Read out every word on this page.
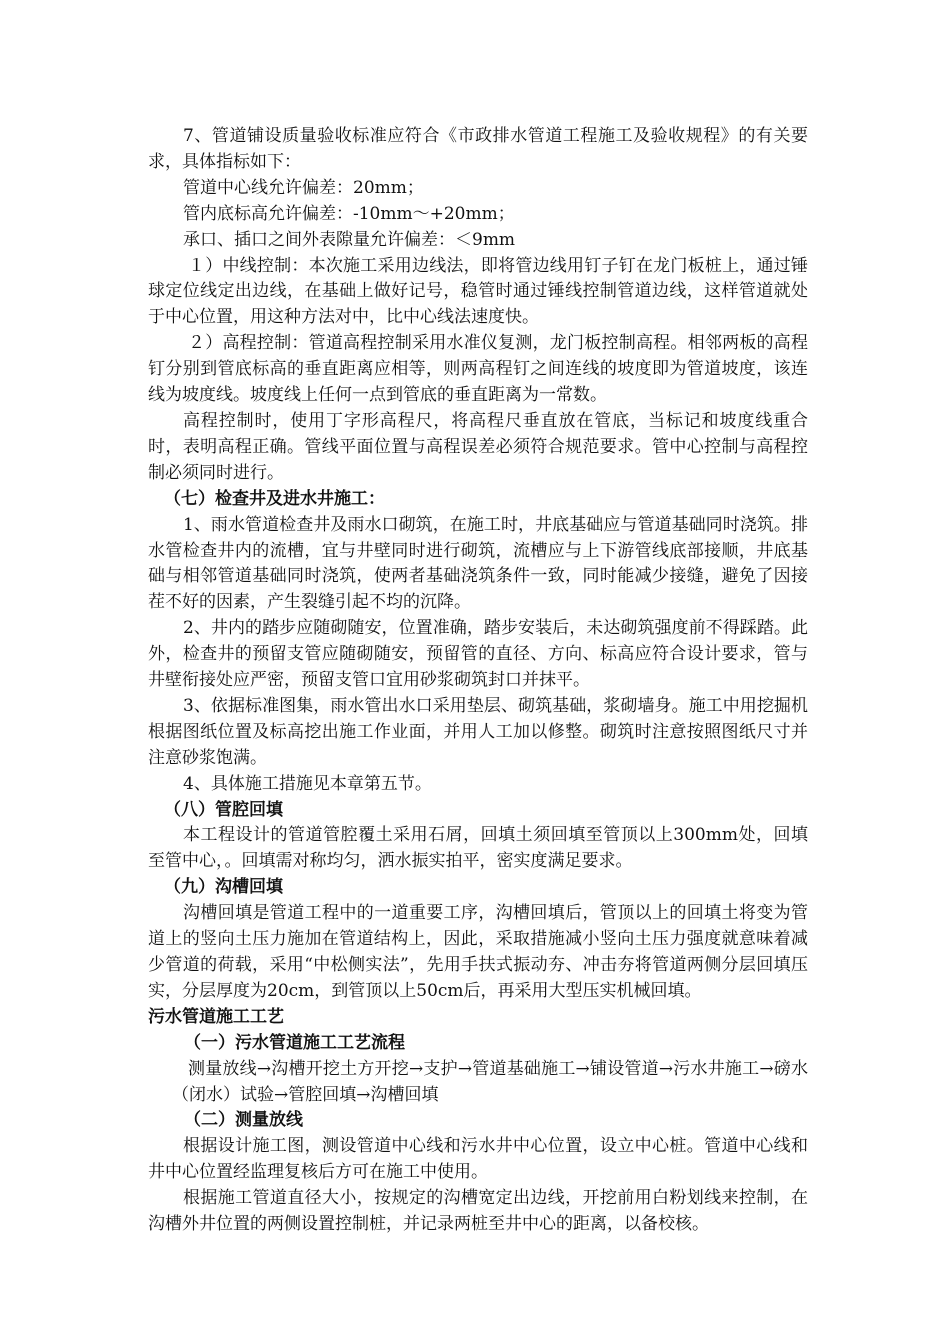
7、管道铺设质量验收标准应符合《市政排水管道工程施工及验收规程》的有关要求，具体指标如下：

管道中心线允许偏差：20mm；

管内底标高允许偏差：-10mm～+20mm；

承口、插口之间外表隙量允许偏差：＜9mm

１）中线控制：本次施工采用边线法，即将管边线用钉子钉在龙门板桩上，通过锤球定位线定出边线，在基础上做好记号，稳管时通过锤线控制管道边线，这样管道就处于中心位置，用这种方法对中，比中心线法速度快。

２）高程控制：管道高程控制采用水准仪复测，龙门板控制高程。相邻两板的高程钉分别到管底标高的垂直距离应相等，则两高程钉之间连线的坡度即为管道坡度，该连线为坡度线。坡度线上任何一点到管底的垂直距离为一常数。

高程控制时，使用丁字形高程尺，将高程尺垂直放在管底，当标记和坡度线重合时，表明高程正确。管线平面位置与高程误差必须符合规范要求。管中心控制与高程控制必须同时进行。

（七）检查井及进水井施工：

1、雨水管道检查井及雨水口砌筑，在施工时，井底基础应与管道基础同时浇筑。排水管检查井内的流槽，宜与井壁同时进行砌筑，流槽应与上下游管线底部接顺，井底基础与相邻管道基础同时浇筑，使两者基础浇筑条件一致，同时能减少接缝，避免了因接茬不好的因素，产生裂缝引起不均的沉降。

2、井内的踏步应随砌随安，位置准确，踏步安装后，未达砌筑强度前不得踩踏。此外，检查井的预留支管应随砌随安，预留管的直径、方向、标高应符合设计要求，管与井壁衔接处应严密，预留支管口宜用砂浆砌筑封口并抹平。

3、依据标准图集，雨水管出水口采用垫层、砌筑基础，浆砌墙身。施工中用挖掘机根据图纸位置及标高挖出施工作业面，并用人工加以修整。砌筑时注意按照图纸尺寸并注意砂浆饱满。

4、具体施工措施见本章第五节。

（八）管腔回填

本工程设计的管道管腔覆土采用石屑，回填土须回填至管顶以上300mm处，回填至管中心，。回填需对称均匀，洒水振实拍平，密实度满足要求。

（九）沟槽回填

沟槽回填是管道工程中的一道重要工序，沟槽回填后，管顶以上的回填土将变为管道上的竖向土压力施加在管道结构上，因此，采取措施减小竖向土压力强度就意味着减少管道的荷载，采用“中松侧实法”，先用手扶式振动夯、冲击夯将管道两侧分层回填压实，分层厚度为20cm，到管顶以上50cm后，再采用大型压实机械回填。

污水管道施工工艺

（一）污水管道施工工艺流程

测量放线→沟槽开挖土方开挖→支护→管道基础施工→铺设管道→污水井施工→磅水（闭水）试验→管腔回填→沟槽回填

（二）测量放线

根据设计施工图，测设管道中心线和污水井中心位置，设立中心桩。管道中心线和井中心位置经监理复核后方可在施工中使用。

根据施工管道直径大小，按规定的沟槽宽定出边线，开挖前用白粉划线来控制，在沟槽外井位置的两侧设置控制桩，并记录两桩至井中心的距离，以备校核。
